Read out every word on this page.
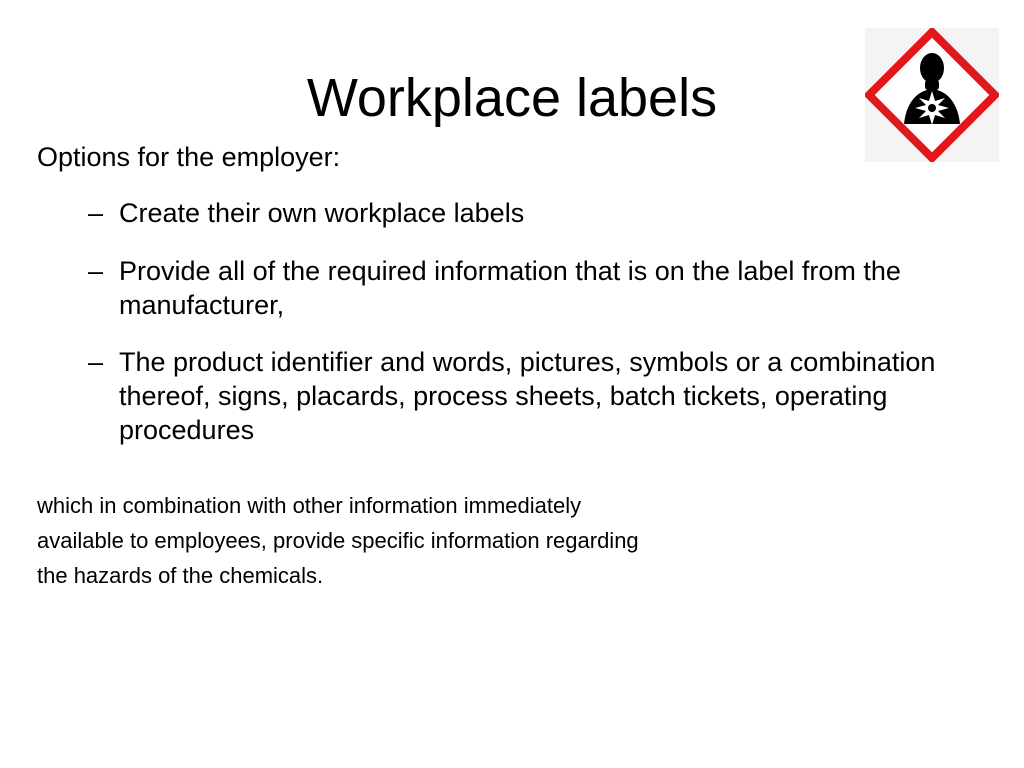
Workplace labels

Options for the employer:

– Create their own workplace labels
– Provide all of the required information that is on the label from the manufacturer,
– The product identifier and words, pictures, symbols or a combination thereof, signs, placards, process sheets, batch tickets, operating procedures

which in combination with other information immediately
available to employees, provide specific information regarding
the hazards of the chemicals.
